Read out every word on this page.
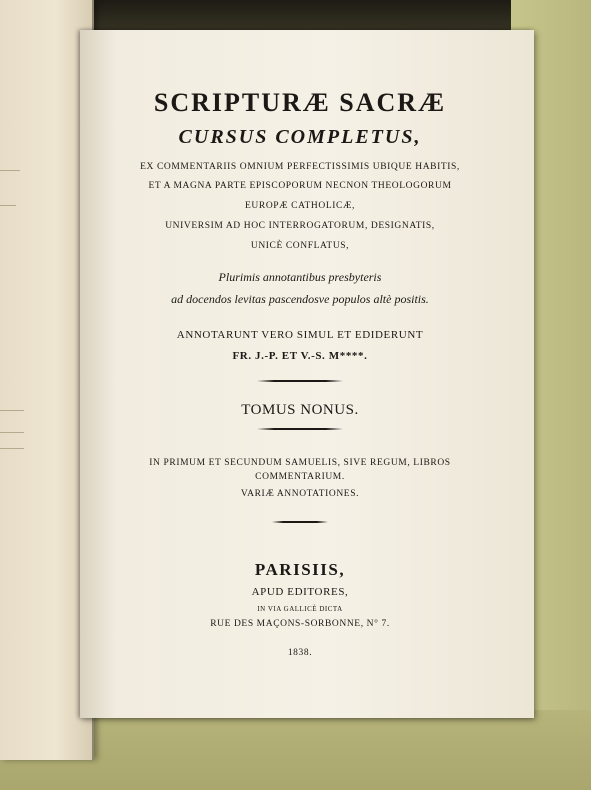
SCRIPTURÆ SACRÆ
CURSUS COMPLETUS,
EX COMMENTARIIS OMNIUM PERFECTISSIMIS UBIQUE HABITIS,
ET A MAGNA PARTE EPISCOPORUM NECNON THEOLOGORUM
EUROPÆ CATHOLICÆ,
UNIVERSIM AD HOC INTERROGATORUM, DESIGNATIS,
UNICÈ CONFLATUS,
Plurimis annotantibus presbyteris
ad docendos levitas pascendosve populos altè positis.
ANNOTARUNT VERO SIMUL ET EDIDERUNT
FR. J.-P. ET V.-S. M****.
TOMUS NONUS.
IN PRIMUM ET SECUNDUM SAMUELIS, SIVE REGUM, LIBROS
COMMENTARIUM.
VARIÆ ANNOTATIONES.
PARISIIS,
APUD EDITORES,
IN VIA GALLICÈ DICTA
RUE DES MAÇONS-SORBONNE, N° 7.
1838.
